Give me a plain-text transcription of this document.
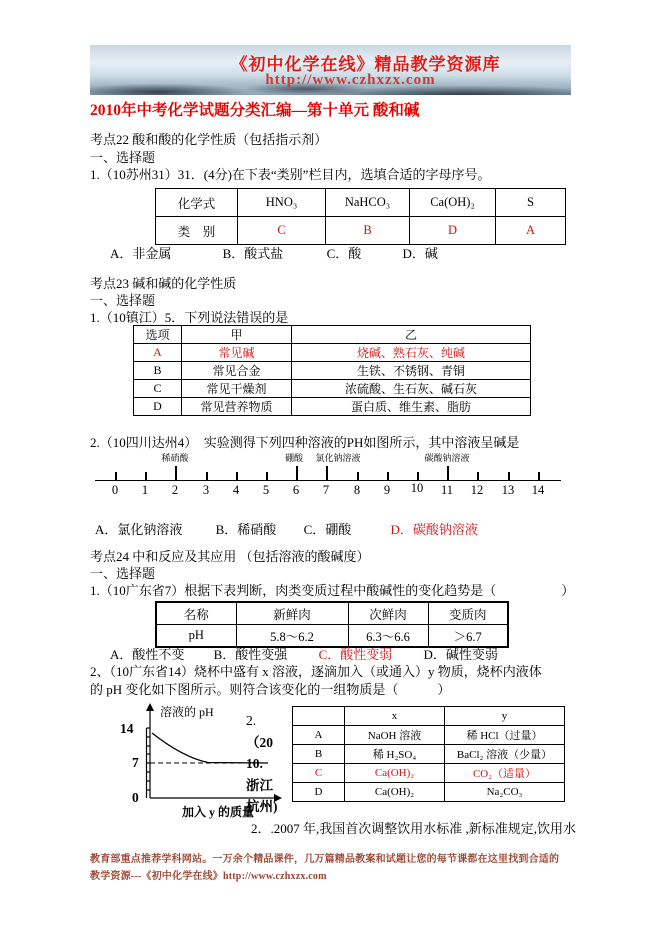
《初中化学在线》精品教学资源库
http://www.czhxzx.com
2010年中考化学试题分类汇编—第十单元 酸和碱
考点22 酸和酸的化学性质（包括指示剂）
一、选择题
1.（10苏州31）31．(4分)在下表“类别”栏目内，选填合适的字母序号。
化学式	HNO₃	NaHCO₃	Ca(OH)₂	S
类　别	C	B	D	A
A．非金属	B．酸式盐	C．酸	D．碱
考点23 碱和碱的化学性质
一、选择题
1.（10镇江）5．下列说法错误的是
选项	甲	乙
A	常见碱	烧碱、熟石灰、纯碱
B	常见合金	生铁、不锈钢、青铜
C	常见干燥剂	浓硫酸、生石灰、碱石灰
D	常见营养物质	蛋白质、维生素、脂肪
2.（10四川达州4）　实验测得下列四种溶液的PH如图所示，其中溶液呈碱是
稀硝酸	硼酸 氯化钠溶液	碳酸钠溶液
0	1	2	3	4	5	6	7	8	9	10	11	12	13	14
A．氯化钠溶液	B．稀硝酸 C．硼酸	D．碳酸钠溶液
考点24 中和反应及其应用 （包括溶液的酸碱度）
一、选择题
1.（10广东省7）根据下表判断，肉类变质过程中酸碱性的变化趋势是（　　　　　）
名称	新鲜肉	次鲜肉	变质肉
pH	5.8～6.2	6.3～6.6	＞6.7
A．酸性不变 B．酸性变强 C．酸性变弱 D．碱性变弱
2、（10广东省14）烧杯中盛有 x 溶液，逐滴加入（或通入）y 物质，烧杯内液体
的 pH 变化如下图所示。则符合该变化的一组物质是（　　　）
溶液的 pH
14
7
0
加入 y 的质量
2.
（20
10.
浙江
杭州)
	x	y
A	NaOH 溶液	稀 HCl（过量）
B	稀 H₂SO₄	BaCl₂ 溶液（少量）
C	Ca(OH)₂	CO₂（适量）
D	Ca(OH)₂	Na₂CO₃
2．.2007 年,我国首次调整饮用水标准 ,新标准规定,饮用水
教育部重点推荐学科网站。一万余个精品课件，几万篇精品教案和试题让您的每节课都在这里找到合适的
教学资源---《初中化学在线》http://www.czhxzx.com
